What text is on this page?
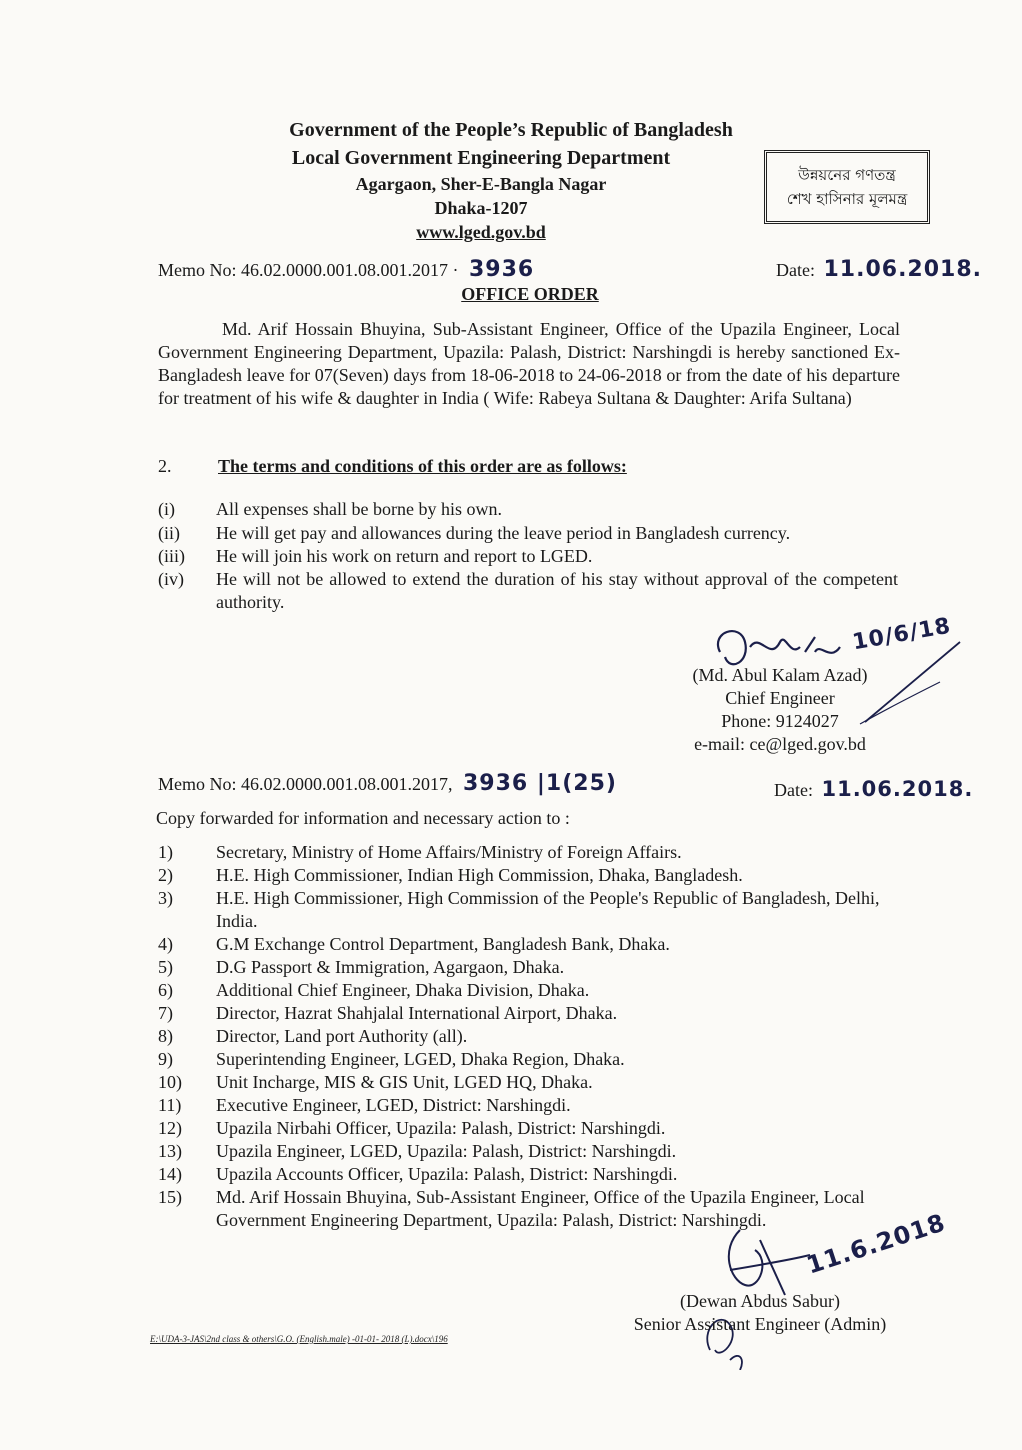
Government of the People’s Republic of Bangladesh
Local Government Engineering Department
Agargaon, Sher-E-Bangla Nagar
Dhaka-1207
www.lged.gov.bd
উন্নয়নের গণতন্ত্র
শেখ হাসিনার মূলমন্ত্র
Memo No: 46.02.0000.001.08.001.2017 · 3936	Date: 11.06.2018.
OFFICE ORDER
Md. Arif Hossain Bhuyina, Sub-Assistant Engineer, Office of the Upazila Engineer, Local Government Engineering Department, Upazila: Palash, District: Narshingdi is hereby sanctioned Ex-Bangladesh leave for 07(Seven) days from 18-06-2018 to 24-06-2018 or from the date of his departure for treatment of his wife & daughter in India ( Wife: Rabeya Sultana & Daughter: Arifa Sultana)
2.	The terms and conditions of this order are as follows:
(i)	All expenses shall be borne by his own.
(ii)	He will get pay and allowances during the leave period in Bangladesh currency.
(iii)	He will join his work on return and report to LGED.
(iv)	He will not be allowed to extend the duration of his stay without approval of the competent authority.
10/6/18
(Md. Abul Kalam Azad)
Chief Engineer
Phone: 9124027
e-mail: ce@lged.gov.bd
Memo No: 46.02.0000.001.08.001.2017, 3936 |1(25)	Date: 11.06.2018.
Copy forwarded for information and necessary action to :
1)	Secretary, Ministry of Home Affairs/Ministry of Foreign Affairs.
2)	H.E. High Commissioner, Indian High Commission, Dhaka, Bangladesh.
3)	H.E. High Commissioner, High Commission of the People's Republic of Bangladesh, Delhi, India.
4)	G.M Exchange Control Department, Bangladesh Bank, Dhaka.
5)	D.G Passport & Immigration, Agargaon, Dhaka.
6)	Additional Chief Engineer, Dhaka Division, Dhaka.
7)	Director, Hazrat Shahjalal International Airport, Dhaka.
8)	Director, Land port Authority (all).
9)	Superintending Engineer, LGED, Dhaka Region, Dhaka.
10)	Unit Incharge, MIS & GIS Unit, LGED HQ, Dhaka.
11)	Executive Engineer, LGED, District: Narshingdi.
12)	Upazila Nirbahi Officer, Upazila: Palash, District: Narshingdi.
13)	Upazila Engineer, LGED, Upazila: Palash, District: Narshingdi.
14)	Upazila Accounts Officer, Upazila: Palash, District: Narshingdi.
15)	Md. Arif Hossain Bhuyina, Sub-Assistant Engineer, Office of the Upazila Engineer, Local Government Engineering Department, Upazila: Palash, District: Narshingdi.	11.6.2018
(Dewan Abdus Sabur)
Senior Assistant Engineer (Admin)
E:\UDA-3-JAS\2nd class & others\G.O. (English.male) -01-01- 2018 (L).docx\196
